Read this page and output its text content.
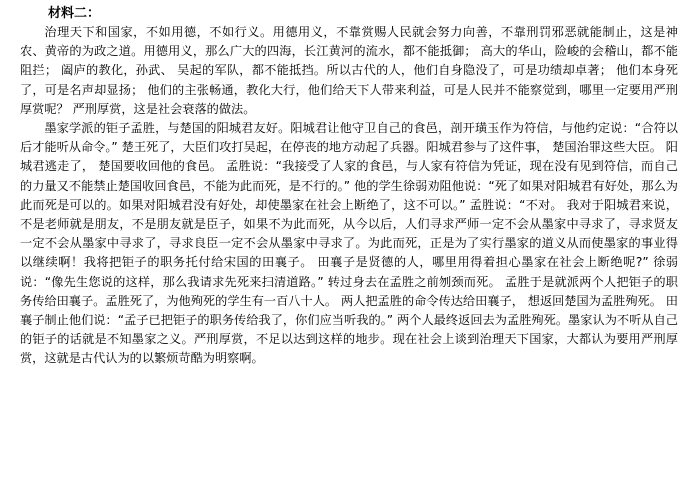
材料二：

治理天下和国家，不如用德，不如行义。用德用义，不靠赏赐人民就会努力向善，不靠刑罚邪恶就能制止，这是神农、黄帝的为政之道。用德用义，那么广大的四海，长江黄河的流水，都不能抵御； 高大的华山，险峻的会稽山，都不能阻拦； 阖庐的教化，孙武、 吴起的军队，都不能抵挡。所以古代的人，他们自身隐没了，可是功绩却卓著； 他们本身死了，可是名声却显扬； 他们的主张畅通，教化大行，他们给天下人带来利益，可是人民并不能察觉到，哪里一定要用严刑厚赏呢？ 严刑厚赏，这是社会衰落的做法。

墨家学派的钜子孟胜，与楚国的阳城君友好。阳城君让他守卫自己的食邑，剖开璜玉作为符信，与他约定说：“合符以后才能听从命令。” 楚王死了，大臣们攻打吴起，在停丧的地方动起了兵器。阳城君参与了这件事， 楚国治罪这些大臣。 阳城君逃走了， 楚国要收回他的食邑。 孟胜说：“我接受了人家的食邑，与人家有符信为凭证，现在没有见到符信，而自己的力量又不能禁止楚国收回食邑，不能为此而死，是不行的。” 他的学生徐弱劝阻他说：“死了如果对阳城君有好处，那么为此而死是可以的。如果对阳城君没有好处，却使墨家在社会上断绝了，这不可以。” 孟胜说：“不对。 我对于阳城君来说，不是老师就是朋友，不是朋友就是臣子，如果不为此而死，从今以后，人们寻求严师一定不会从墨家中寻求了，寻求贤友一定不会从墨家中寻求了，寻求良臣一定不会从墨家中寻求了。为此而死，正是为了实行墨家的道义从而使墨家的事业得以继续啊！我将把钜子的职务托付给宋国的田襄子。 田襄子是贤德的人，哪里用得着担心墨家在社会上断绝呢?” 徐弱说：“像先生您说的这样，那么我请求先死来扫清道路。” 转过身去在孟胜之前刎颈而死。 孟胜于是就派两个人把钜子的职务传给田襄子。孟胜死了，为他殉死的学生有一百八十人。 两人把孟胜的命令传达给田襄子， 想返回楚国为孟胜殉死。 田襄子制止他们说：“孟子已把钜子的职务传给我了，你们应当听我的。” 两个人最终返回去为孟胜殉死。墨家认为不听从自己的钜子的话就是不知墨家之义。严刑厚赏，不足以达到这样的地步。现在社会上谈到治理天下国家，大都认为要用严刑厚赏，这就是古代认为的以繁烦苛酷为明察啊。
